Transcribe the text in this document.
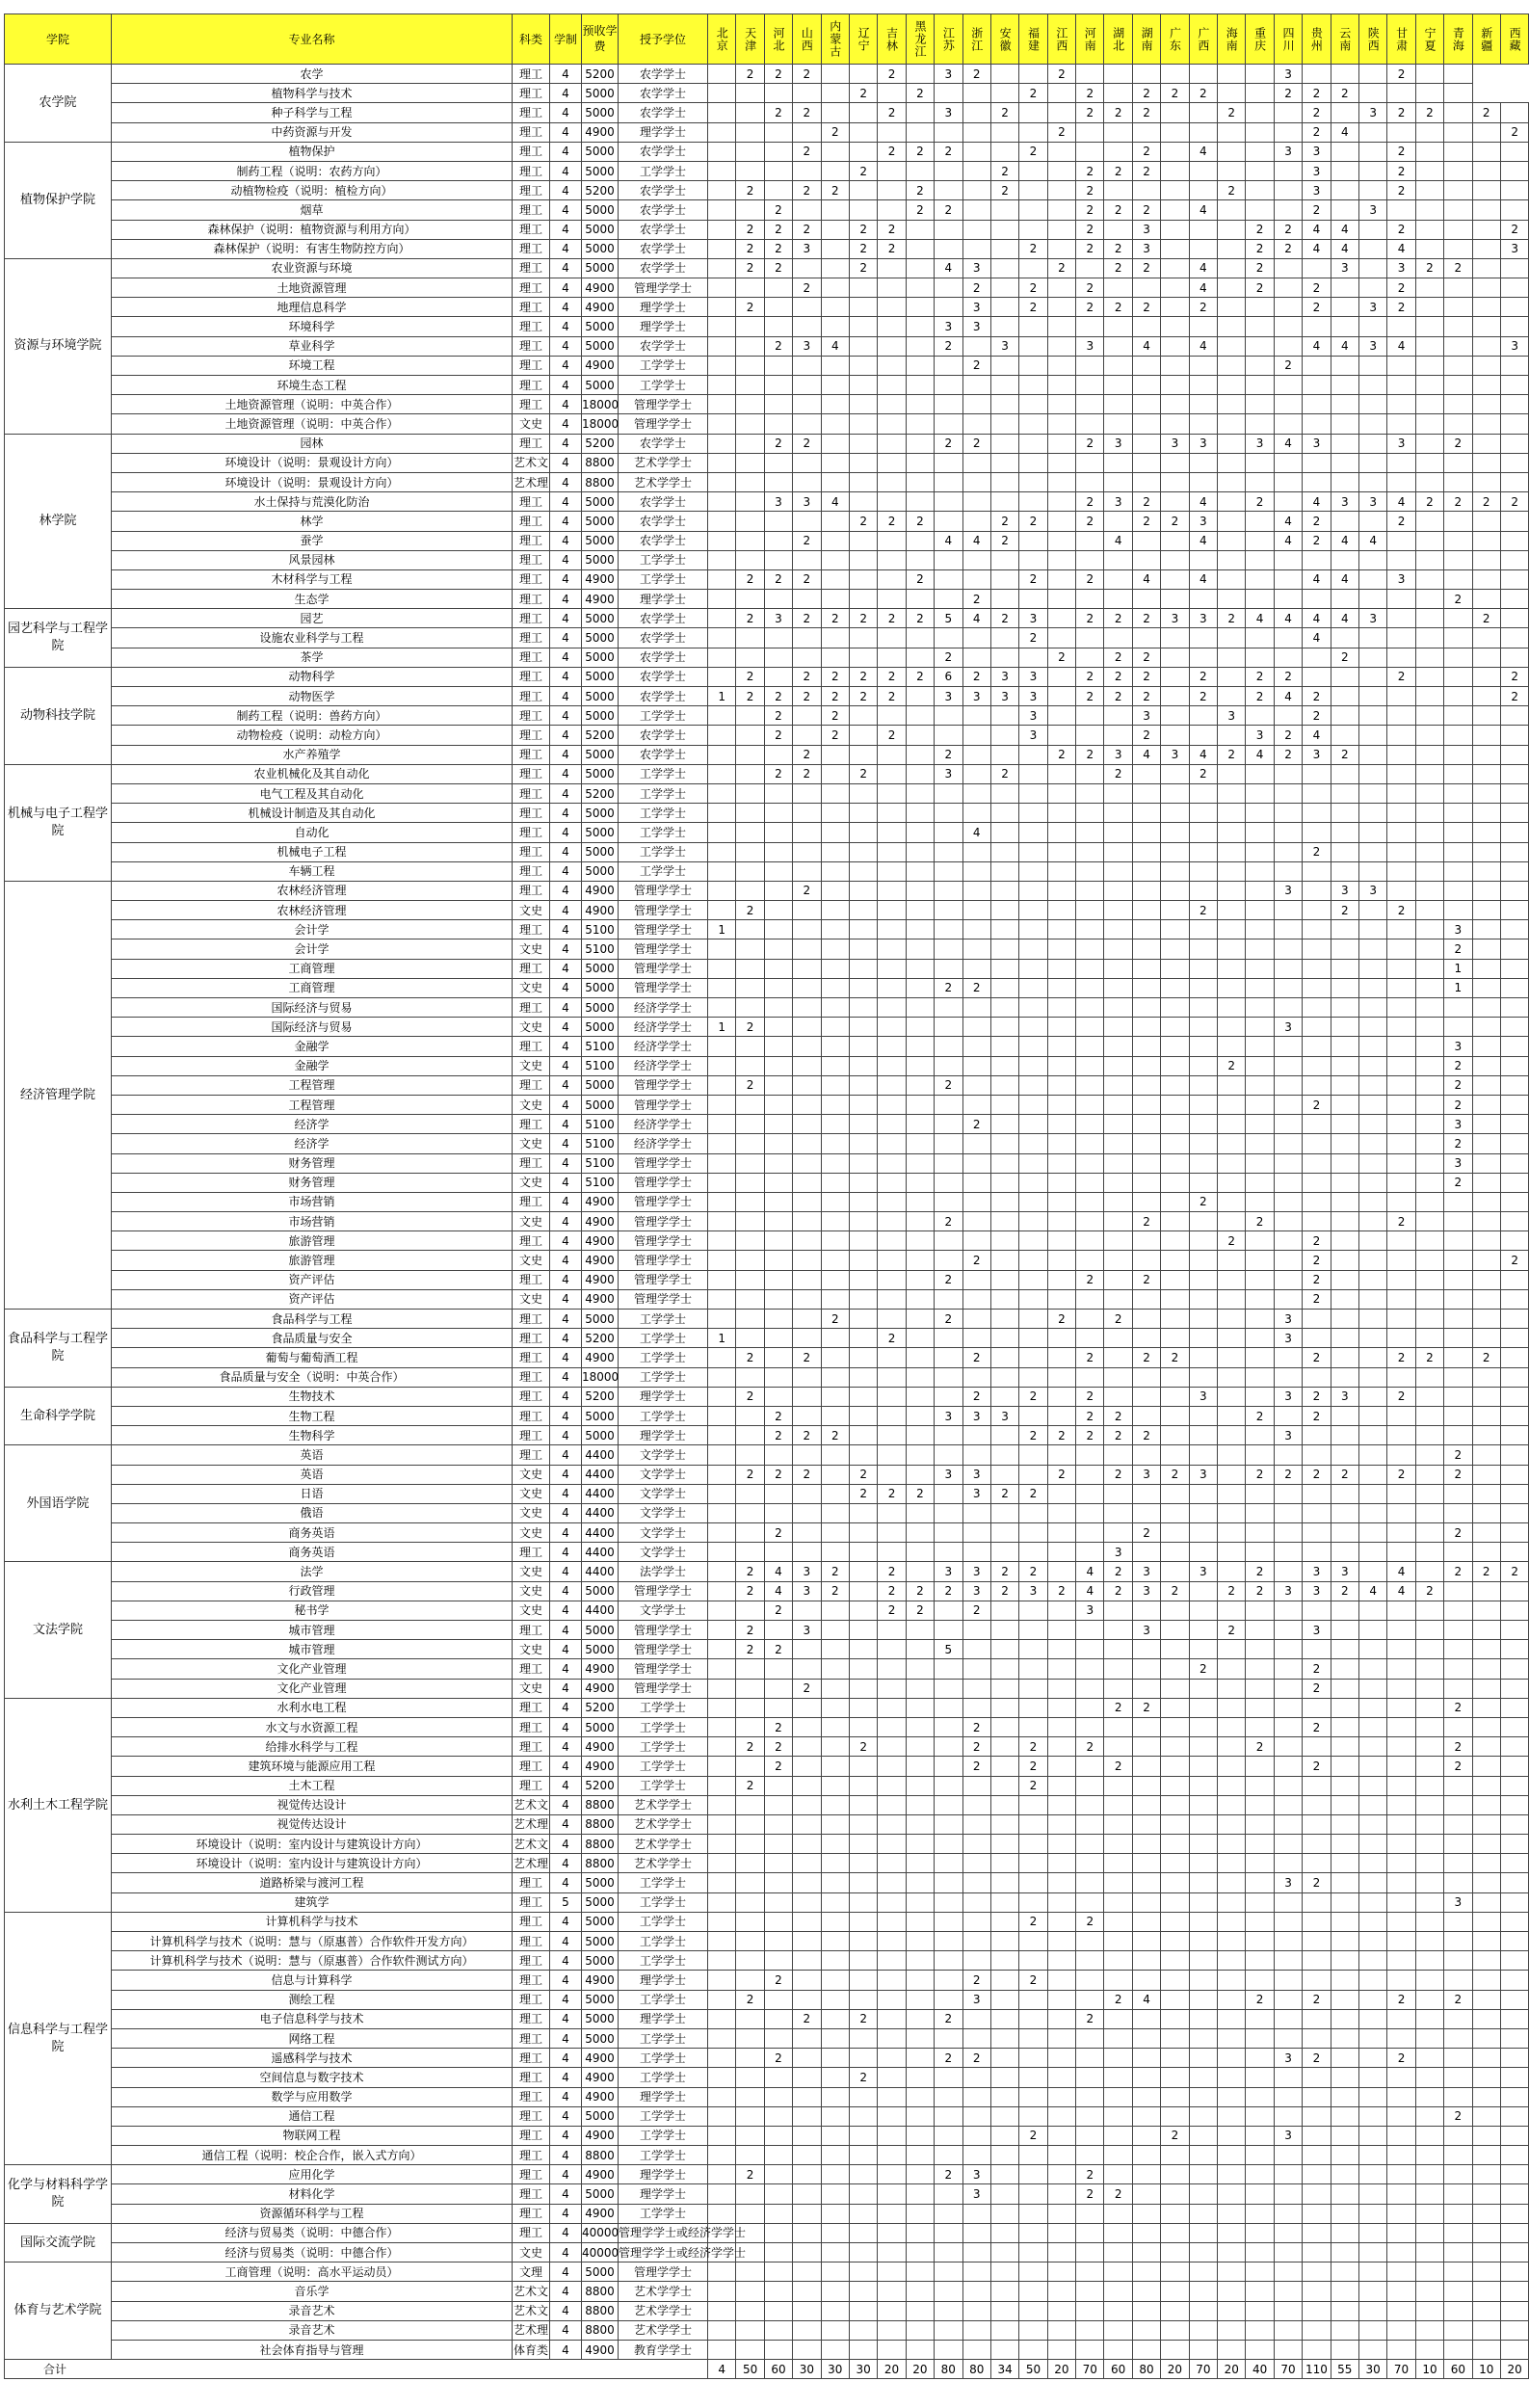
学院	专业名称	科类	学制	预收学费	授予学位	北京	天津	河北	山西	内蒙古	辽宁	吉林	黑龙江	江苏	浙江	安徽	福建	江西	河南	湖北	湖南	广东	广西	海南	重庆	四川	贵州	云南	陕西	甘肃	宁夏	青海	新疆	西藏
农学院	农学	理工	4	5200	农学学士		2	2	2			2		3	2			2								3				2				
	植物科学与技术	理工	4	5000	农学学士						2		2				2		2		2	2	2			2	2	2						
	种子科学与工程	理工	4	5000	农学学士			2	2			2		3		2			2	2	2			2			2		3	2	2		2	
	中药资源与开发	理工	4	4900	理学学士					2								2									2	4						2
植物保护学院	植物保护	理工	4	5000	农学学士				2			2	2	2			2				2		4			3	3			2				
	制药工程（说明：农药方向）	理工	4	5000	工学学士						2					2			2	2	2						3			2				
	动植物检疫（说明：植检方向）	理工	4	5200	农学学士		2		2	2			2			2			2					2			3			2				
	烟草	理工	4	5000	农学学士			2					2	2					2	2	2		4				2		3					
	森林保护（说明：植物资源与利用方向）	理工	4	5000	农学学士		2	2	2		2	2							2		3				2	2	4	4		2				2
	森林保护（说明：有害生物防控方向）	理工	4	5000	农学学士		2	2	3		2	2					2		2	2	3				2	2	4	4		4				3
资源与环境学院	农业资源与环境	理工	4	5000	农学学士		2	2			2			4	3			2		2	2		4		2			3		3	2	2		
	土地资源管理	理工	4	4900	管理学学士				2						2		2		2				4		2		2			2				
	地理信息科学	理工	4	4900	理学学士		2								3		2		2	2	2		2				2		3	2				
	环境科学	理工	4	5000	理学学士									3	3																			
	草业科学	理工	4	5000	农学学士			2	3	4				2		3			3		4		4				4	4	3	4				3
	环境工程	理工	4	4900	工学学士										2											2								
	环境生态工程	理工	4	5000	工学学士																													
	土地资源管理（说明：中英合作）	理工	4	18000	管理学学士																													
	土地资源管理（说明：中英合作）	文史	4	18000	管理学学士																													
林学院	园林	理工	4	5200	农学学士			2	2					2	2				2	3		3	3		3	4	3			3		2		
	环境设计（说明：景观设计方向）	艺术文	4	8800	艺术学学士																													
	环境设计（说明：景观设计方向）	艺术理	4	8800	艺术学学士																													
	水土保持与荒漠化防治	理工	4	5000	农学学士			3	3	4									2	3	2		4		2		4	3	3	4	2	2	2	2
	林学	理工	4	5000	农学学士						2	2	2			2	2		2		2	2	3			4	2			2				
	蚕学	理工	4	5000	农学学士				2					4	4	2				4			4			4	2	4	4					
	风景园林	理工	4	5000	工学学士																													
	木材科学与工程	理工	4	4900	工学学士		2	2	2				2				2		2		4		4				4	4		3				
	生态学	理工	4	4900	理学学士										2																	2		
园艺科学与工程学院	园艺	理工	4	5000	农学学士		2	3	2	2	2	2	2	5	4	2	3		2	2	2	3	3	2	4	4	4	4	3				2	
	设施农业科学与工程	理工	4	5000	农学学士												2										4							
	茶学	理工	4	5000	农学学士									2				2		2	2							2						
动物科技学院	动物科学	理工	4	5000	农学学士		2		2	2	2	2	2	6	2	3	3		2	2	2		2		2	2				2				2
	动物医学	理工	4	5000	农学学士	1	2	2	2	2	2	2		3	3	3	3		2	2	2		2		2	4	2							2
	制药工程（说明：兽药方向）	理工	4	5000	工学学士			2		2							3				3			3			2							
	动物检疫（说明：动检方向）	理工	4	5200	农学学士			2		2		2					3				2				3	2	4							
	水产养殖学	理工	4	5000	农学学士				2					2				2	2	3	4	3	4	2	4	2	3	2						
机械与电子工程学院	农业机械化及其自动化	理工	4	5000	工学学士			2	2		2			3		2				2			2											
	电气工程及其自动化	理工	4	5200	工学学士																													
	机械设计制造及其自动化	理工	4	5000	工学学士																													
	自动化	理工	4	5000	工学学士										4																			
	机械电子工程	理工	4	5000	工学学士																						2							
	车辆工程	理工	4	5000	工学学士																													
经济管理学院	农林经济管理	理工	4	4900	管理学学士				2																	3		3	3					
	农林经济管理	文史	4	4900	管理学学士		2																2					2		2				
	会计学	理工	4	5100	管理学学士	1																										3		
	会计学	文史	4	5100	管理学学士																											2		
	工商管理	理工	4	5000	管理学学士																											1		
	工商管理	文史	4	5000	管理学学士									2	2																	1		
	国际经济与贸易	理工	4	5000	经济学学士																													
	国际经济与贸易	文史	4	5000	经济学学士	1	2																			3								
	金融学	理工	4	5100	经济学学士																											3		
	金融学	文史	4	5100	经济学学士																			2								2		
	工程管理	理工	4	5000	管理学学士		2							2																		2		
	工程管理	文史	4	5000	管理学学士																						2					2		
	经济学	理工	4	5100	经济学学士										2																	3		
	经济学	文史	4	5100	经济学学士																											2		
	财务管理	理工	4	5100	管理学学士																											3		
	财务管理	文史	4	5100	管理学学士																											2		
	市场营销	理工	4	4900	管理学学士																		2											
	市场营销	文史	4	4900	管理学学士									2							2				2					2				
	旅游管理	理工	4	4900	管理学学士																			2			2							
	旅游管理	文史	4	4900	管理学学士										2												2							2
	资产评估	理工	4	4900	管理学学士									2					2		2						2							
	资产评估	文史	4	4900	管理学学士																						2							
食品科学与工程学院	食品科学与工程	理工	4	5000	工学学士					2				2				2		2						3								
	食品质量与安全	理工	4	5200	工学学士	1						2														3								
	葡萄与葡萄酒工程	理工	4	4900	工学学士		2		2						2				2		2	2					2			2	2		2	
	食品质量与安全（说明：中英合作）	理工	4	18000	工学学士																													
生命科学学院	生物技术	理工	4	5200	理学学士		2								2		2		2				3			3	2	3		2				
	生物工程	理工	4	5000	工学学士			2						3	3	3			2	2					2		2							
	生物科学	理工	4	5000	理学学士			2	2	2							2	2	2	2	2					3								
外国语学院	英语	理工	4	4400	文学学士																											2		
	英语	文史	4	4400	文学学士		2	2	2		2			3	3			2		2	3	2	3		2	2	2	2		2		2		
	日语	文史	4	4400	文学学士						2	2	2		3	2	2																	
	俄语	文史	4	4400	文学学士																													
	商务英语	文史	4	4400	文学学士			2													2											2		
	商务英语	理工	4	4400	文学学士															3														
文法学院	法学	文史	4	4400	法学学士		2	4	3	2		2		3	3	2	2		4	2	3		3		2		3	3		4		2	2	2
	行政管理	文史	4	5000	管理学学士		2	4	3	2		2	2	2	3	2	3	2	4	2	3	2		2	2	3	3	2	4	4	2			
	秘书学	文史	4	4400	文学学士			2				2	2		2				3															
	城市管理	理工	4	5000	管理学学士		2		3												3			2			3							
	城市管理	文史	4	5000	管理学学士		2	2						5																				
	文化产业管理	理工	4	4900	管理学学士																		2				2							
	文化产业管理	文史	4	4900	管理学学士				2																		2							
水利土木工程学院	水利水电工程	理工	4	5200	工学学士															2	2											2		
	水文与水资源工程	理工	4	5000	工学学士			2							2												2							
	给排水科学与工程	理工	4	4900	工学学士		2	2			2				2		2		2						2							2		
	建筑环境与能源应用工程	理工	4	4900	工学学士			2							2		2			2							2					2		
	土木工程	理工	4	5200	工学学士		2										2																	
	视觉传达设计	艺术文	4	8800	艺术学学士																													
	视觉传达设计	艺术理	4	8800	艺术学学士																													
	环境设计（说明：室内设计与建筑设计方向）	艺术文	4	8800	艺术学学士																													
	环境设计（说明：室内设计与建筑设计方向）	艺术理	4	8800	艺术学学士																													
	道路桥梁与渡河工程	理工	4	5000	工学学士																					3	2							
	建筑学	理工	5	5000	工学学士																											3		
信息科学与工程学院	计算机科学与技术	理工	4	5000	工学学士												2		2															
	计算机科学与技术（说明：慧与（原惠普）合作软件开发方向）	理工	4	5000	工学学士																													
	计算机科学与技术（说明：慧与（原惠普）合作软件测试方向）	理工	4	5000	工学学士																													
	信息与计算科学	理工	4	4900	理学学士			2							2		2																	
	测绘工程	理工	4	5000	工学学士		2								3					2	4				2		2			2		2		
	电子信息科学与技术	理工	4	5000	理学学士				2		2			2					2															
	网络工程	理工	4	5000	工学学士																													
	遥感科学与技术	理工	4	4900	工学学士			2						2	2											3	2			2				
	空间信息与数字技术	理工	4	4900	工学学士						2																							
	数学与应用数学	理工	4	4900	理学学士																													
	通信工程	理工	4	5000	工学学士																											2		
	物联网工程	理工	4	4900	工学学士												2					2				3								
	通信工程（说明：校企合作，嵌入式方向）	理工	4	8800	工学学士																													
化学与材料科学学院	应用化学	理工	4	4900	理学学士		2							2	3				2															
	材料化学	理工	4	5000	理学学士										3				2	2														
	资源循环科学与工程	理工	4	4900	工学学士																													
国际交流学院	经济与贸易类（说明：中德合作）	理工	4	40000	管理学学士或经济学学士																													
	经济与贸易类（说明：中德合作）	文史	4	40000	管理学学士或经济学学士																													
体育与艺术学院	工商管理（说明：高水平运动员）	文理	4	5000	管理学学士																													
	音乐学	艺术文	4	8800	艺术学学士																													
	录音艺术	艺术文	4	8800	艺术学学士																													
	录音艺术	艺术理	4	8800	艺术学学士																													
	社会体育指导与管理	体育类	4	4900	教育学学士																													
合计						4	50	60	30	30	30	20	20	80	80	34	50	20	70	60	80	20	70	20	40	70	110	55	30	70	10	60	10	20
